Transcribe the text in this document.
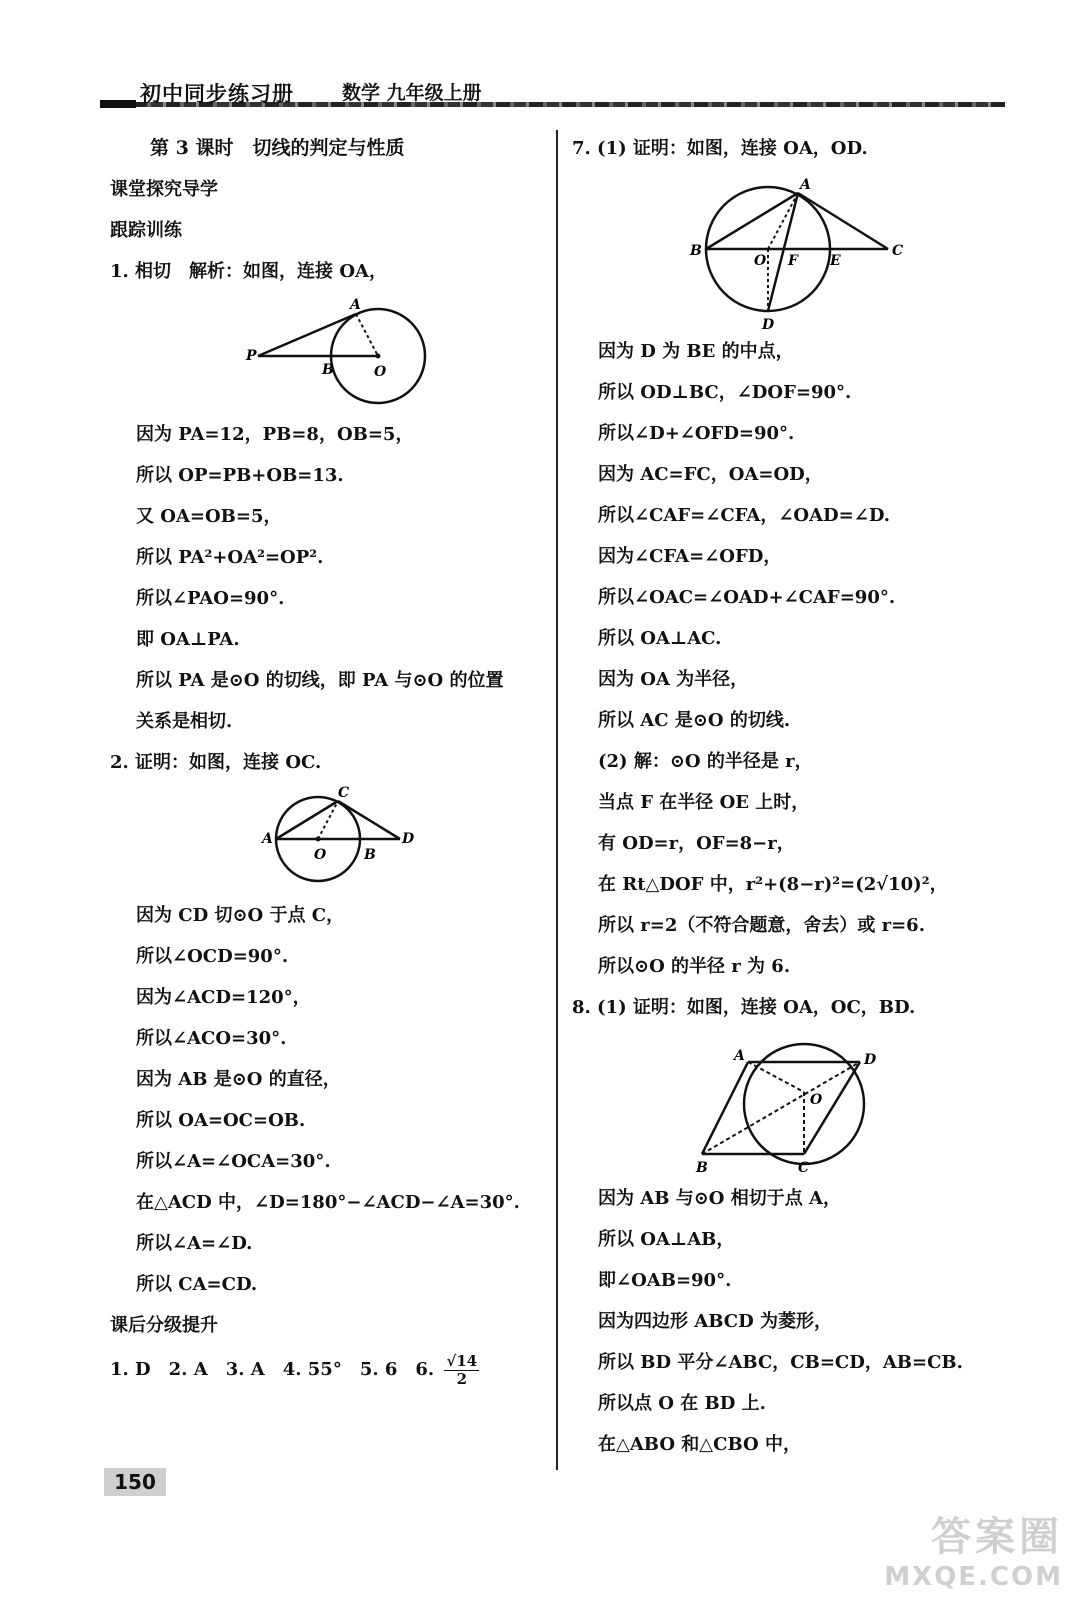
初中同步练习册	数学 九年级上册
第 3 课时　切线的判定与性质
课堂探究导学
跟踪训练
1. 相切　解析：如图，连接 OA，
A
P
B	O
因为 PA=12，PB=8，OB=5，
所以 OP=PB+OB=13.
又 OA=OB=5，
所以 PA²+OA²=OP².
所以∠PAO=90°.
即 OA⊥PA.
所以 PA 是⊙O 的切线，即 PA 与⊙O 的位置
关系是相切.
2. 证明：如图，连接 OC.
A
C
O	B
D
因为 CD 切⊙O 于点 C，
所以∠OCD=90°.
因为∠ACD=120°，
所以∠ACO=30°.
因为 AB 是⊙O 的直径，
所以 OA=OC=OB.
所以∠A=∠OCA=30°.
在△ACD 中，∠D=180°−∠ACD−∠A=30°.
所以∠A=∠D.
所以 CA=CD.
课后分级提升
1. D　2. A　3. A　4. 55°　5. 6　6. $\frac{√14}{2}$
7. (1) 证明：如图，连接 OA，OD.
A
B
O F E
C
D
因为 D 为 BE 的中点，
所以 OD⊥BC，∠DOF=90°.
所以∠D+∠OFD=90°.
因为 AC=FC，OA=OD，
所以∠CAF=∠CFA，∠OAD=∠D.
因为∠CFA=∠OFD，
所以∠OAC=∠OAD+∠CAF=90°.
所以 OA⊥AC.
因为 OA 为半径，
所以 AC 是⊙O 的切线.
(2) 解：⊙O 的半径是 r，
当点 F 在半径 OE 上时，
有 OD=r，OF=8−r，
在 Rt△DOF 中，r²+(8−r)²=(2√10)²，
所以 r=2（不符合题意，舍去）或 r=6.
所以⊙O 的半径 r 为 6.
8. (1) 证明：如图，连接 OA，OC，BD.
A	D
O
B	C
因为 AB 与⊙O 相切于点 A，
所以 OA⊥AB，
即∠OAB=90°.
因为四边形 ABCD 为菱形，
所以 BD 平分∠ABC，CB=CD，AB=CB.
所以点 O 在 BD 上.
在△ABO 和△CBO 中，
150
答案圈
MXQE.COM
